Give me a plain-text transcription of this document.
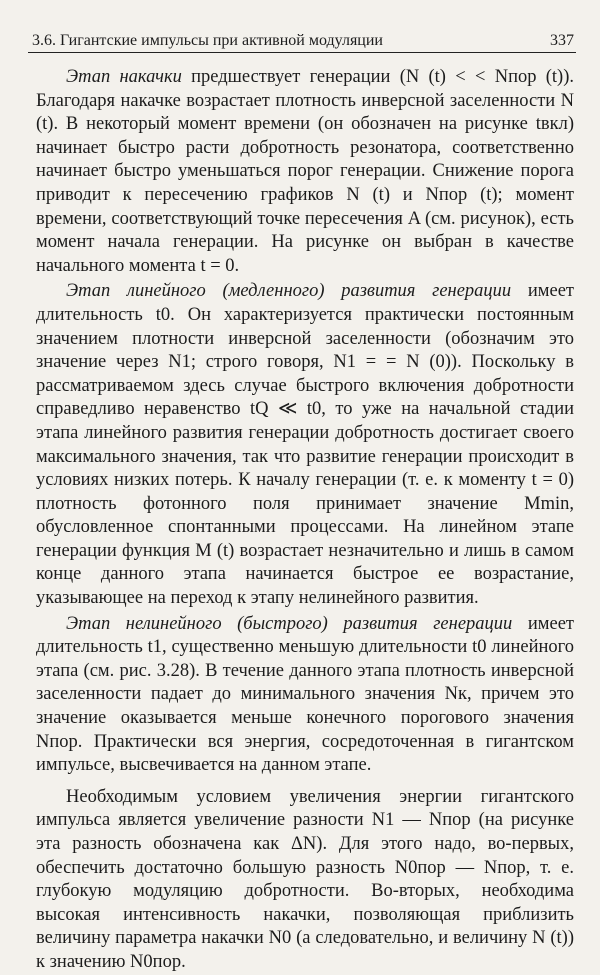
3.6. Гигантские импульсы при активной модуляции	337

Этап накачки предшествует генерации (N (t) < < Nпор (t)). Благодаря накачке возрастает плотность инверсной заселенности N (t). В некоторый момент времени (он обозначен на рисунке tвкл) начинает быстро расти добротность резонатора, соответственно начинает быстро уменьшаться порог генерации. Снижение порога приводит к пересечению графиков N (t) и Nпор (t); момент времени, соответствующий точке пересечения A (см. рисунок), есть момент начала генерации. На рисунке он выбран в качестве начального момента t = 0.

Этап линейного (медленного) развития генерации имеет длительность t0. Он характеризуется практически постоянным значением плотности инверсной заселенности (обозначим это значение через N1; строго говоря, N1 = = N (0)). Поскольку в рассматриваемом здесь случае быстрого включения добротности справедливо неравенство tQ ≪ t0, то уже на начальной стадии этапа линейного развития генерации добротность достигает своего максимального значения, так что развитие генерации происходит в условиях низких потерь. К началу генерации (т. е. к моменту t = 0) плотность фотонного поля принимает значение Mmin, обусловленное спонтанными процессами. На линейном этапе генерации функция M (t) возрастает незначительно и лишь в самом конце данного этапа начинается быстрое ее возрастание, указывающее на переход к этапу нелинейного развития.

Этап нелинейного (быстрого) развития генерации имеет длительность t1, существенно меньшую длительности t0 линейного этапа (см. рис. 3.28). В течение данного этапа плотность инверсной заселенности падает до минимального значения Nк, причем это значение оказывается меньше конечного порогового значения Nпор. Практически вся энергия, сосредоточенная в гигантском импульсе, высвечивается на данном этапе.

Необходимым условием увеличения энергии гигантского импульса является увеличение разности N1 — Nпор (на рисунке эта разность обозначена как ΔN). Для этого надо, во-первых, обеспечить достаточно большую разность N0пор — Nпор, т. е. глубокую модуляцию добротности. Во-вторых, необходима высокая интенсивность накачки, позволяющая приблизить величину параметра накачки N0 (а следовательно, и величину N (t)) к значению N0пор.
